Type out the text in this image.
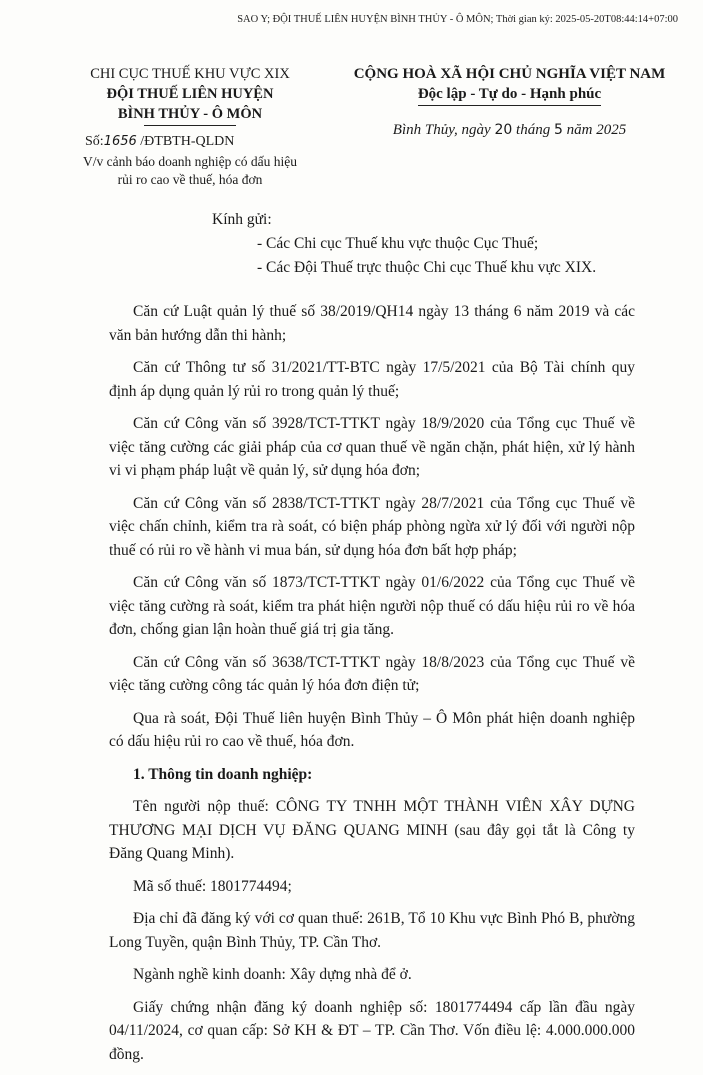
SAO Y; ĐỘI THUẾ LIÊN HUYỆN BÌNH THỦY - Ô MÔN; Thời gian ký: 2025-05-20T08:44:14+07:00
CHI CỤC THUẾ KHU VỰC XIX
ĐỘI THUẾ LIÊN HUYỆN
BÌNH THỦY - Ô MÔN
Số:1656 /ĐTBTH-QLDN
V/v cảnh báo doanh nghiệp có dấu hiệu
rủi ro cao về thuế, hóa đơn
CỘNG HOÀ XÃ HỘI CHỦ NGHĨA VIỆT NAM
Độc lập - Tự do - Hạnh phúc
Bình Thủy, ngày 20 tháng 5 năm 2025
Kính gửi:
- Các Chi cục Thuế khu vực thuộc Cục Thuế;
- Các Đội Thuế trực thuộc Chi cục Thuế khu vực XIX.

Căn cứ Luật quản lý thuế số 38/2019/QH14 ngày 13 tháng 6 năm 2019 và các văn bản hướng dẫn thi hành;

Căn cứ Thông tư số 31/2021/TT-BTC ngày 17/5/2021 của Bộ Tài chính quy định áp dụng quản lý rủi ro trong quản lý thuế;

Căn cứ Công văn số 3928/TCT-TTKT ngày 18/9/2020 của Tổng cục Thuế về việc tăng cường các giải pháp của cơ quan thuế về ngăn chặn, phát hiện, xử lý hành vi vi phạm pháp luật về quản lý, sử dụng hóa đơn;

Căn cứ Công văn số 2838/TCT-TTKT ngày 28/7/2021 của Tổng cục Thuế về việc chấn chỉnh, kiểm tra rà soát, có biện pháp phòng ngừa xử lý đối với người nộp thuế có rủi ro về hành vi mua bán, sử dụng hóa đơn bất hợp pháp;

Căn cứ Công văn số 1873/TCT-TTKT ngày 01/6/2022 của Tổng cục Thuế về việc tăng cường rà soát, kiểm tra phát hiện người nộp thuế có dấu hiệu rủi ro về hóa đơn, chống gian lận hoàn thuế giá trị gia tăng.

Căn cứ Công văn số 3638/TCT-TTKT ngày 18/8/2023 của Tổng cục Thuế về việc tăng cường công tác quản lý hóa đơn điện tử;

Qua rà soát, Đội Thuế liên huyện Bình Thủy – Ô Môn phát hiện doanh nghiệp có dấu hiệu rủi ro cao về thuế, hóa đơn.

1. Thông tin doanh nghiệp:

Tên người nộp thuế: CÔNG TY TNHH MỘT THÀNH VIÊN XÂY DỰNG THƯƠNG MẠI DỊCH VỤ ĐĂNG QUANG MINH (sau đây gọi tắt là Công ty Đăng Quang Minh).

Mã số thuế: 1801774494;

Địa chỉ đã đăng ký với cơ quan thuế: 261B, Tổ 10 Khu vực Bình Phó B, phường Long Tuyền, quận Bình Thủy, TP. Cần Thơ.

Ngành nghề kinh doanh: Xây dựng nhà để ở.

Giấy chứng nhận đăng ký doanh nghiệp số: 1801774494 cấp lần đầu ngày 04/11/2024, cơ quan cấp: Sở KH & ĐT – TP. Cần Thơ. Vốn điều lệ: 4.000.000.000 đồng.
